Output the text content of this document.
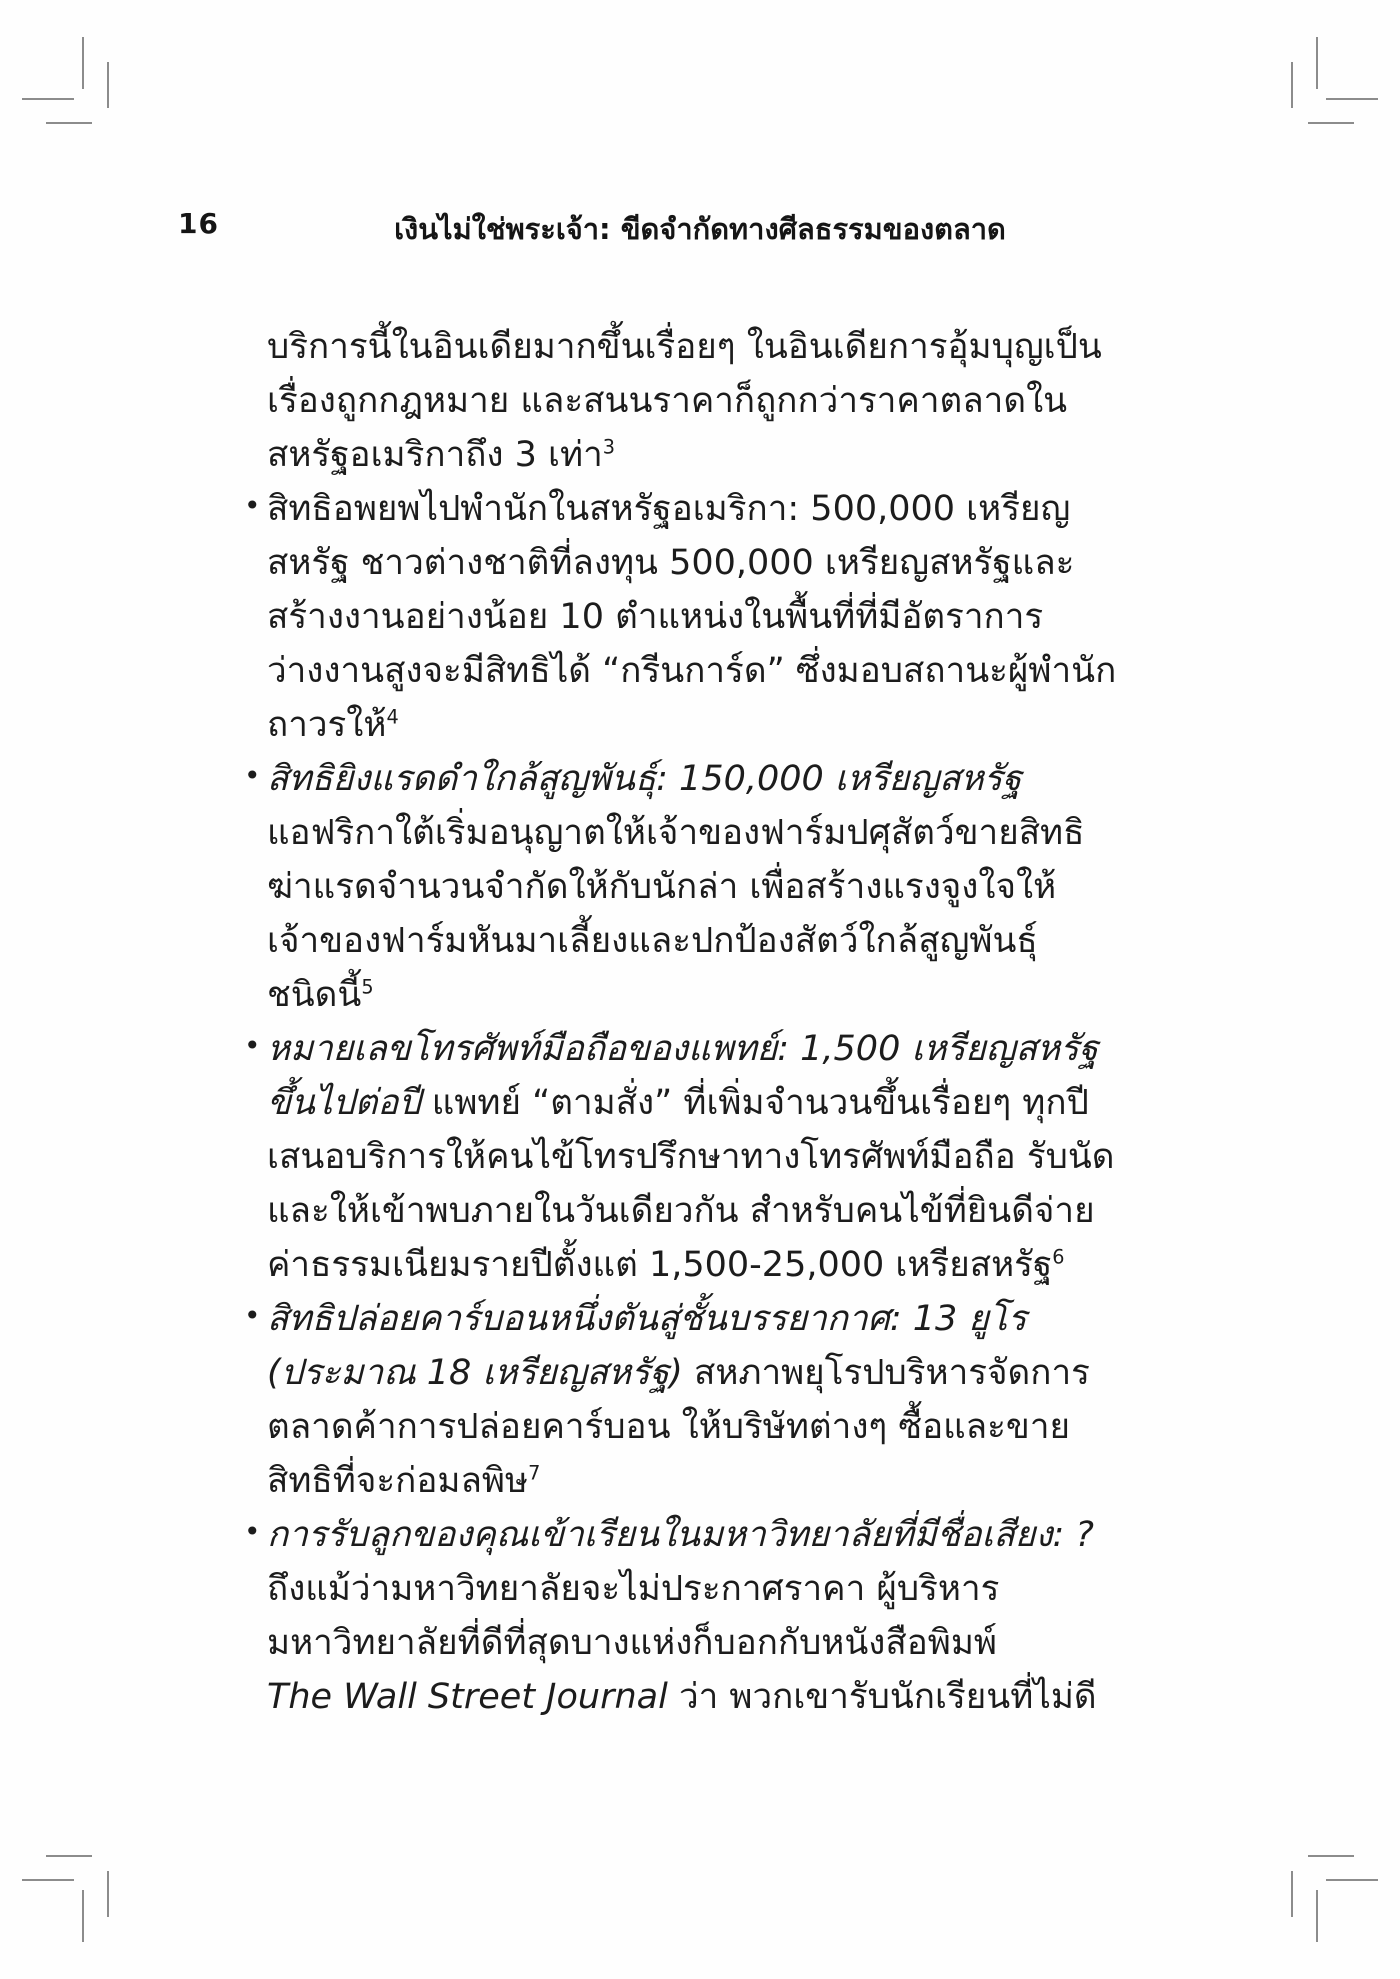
16	เงินไม่ใช่พระเจ้า: ขีดจำกัดทางศีลธรรมของตลาด
บริการนี้ในอินเดียมากขึ้นเรื่อยๆ ในอินเดียการอุ้มบุญเป็น
เรื่องถูกกฎหมาย และสนนราคาก็ถูกกว่าราคาตลาดใน
สหรัฐอเมริกาถึง 3 เท่า$^3$
• สิทธิอพยพไปพำนักในสหรัฐอเมริกา: 500,000 เหรียญ
สหรัฐ ชาวต่างชาติที่ลงทุน 500,000 เหรียญสหรัฐและ
สร้างงานอย่างน้อย 10 ตำแหน่งในพื้นที่ที่มีอัตราการ
ว่างงานสูงจะมีสิทธิได้ “กรีนการ์ด” ซึ่งมอบสถานะผู้พำนัก
ถาวรให้$^4$
• สิทธิยิงแรดดำใกล้สูญพันธุ์: 150,000 เหรียญสหรัฐ
แอฟริกาใต้เริ่มอนุญาตให้เจ้าของฟาร์มปศุสัตว์ขายสิทธิ
ฆ่าแรดจำนวนจำกัดให้กับนักล่า เพื่อสร้างแรงจูงใจให้
เจ้าของฟาร์มหันมาเลี้ยงและปกป้องสัตว์ใกล้สูญพันธุ์
ชนิดนี้$^5$
• หมายเลขโทรศัพท์มือถือของแพทย์: 1,500 เหรียญสหรัฐ
ขึ้นไปต่อปี แพทย์ “ตามสั่ง” ที่เพิ่มจำนวนขึ้นเรื่อยๆ ทุกปี
เสนอบริการให้คนไข้โทรปรึกษาทางโทรศัพท์มือถือ รับนัด
และให้เข้าพบภายในวันเดียวกัน สำหรับคนไข้ที่ยินดีจ่าย
ค่าธรรมเนียมรายปีตั้งแต่ 1,500-25,000 เหรียสหรัฐ$^6$
• สิทธิปล่อยคาร์บอนหนึ่งตันสู่ชั้นบรรยากาศ: 13 ยูโร
(ประมาณ 18 เหรียญสหรัฐ) สหภาพยุโรปบริหารจัดการ
ตลาดค้าการปล่อยคาร์บอน ให้บริษัทต่างๆ ซื้อและขาย
สิทธิที่จะก่อมลพิษ$^7$
• การรับลูกของคุณเข้าเรียนในมหาวิทยาลัยที่มีชื่อเสียง: ?
ถึงแม้ว่ามหาวิทยาลัยจะไม่ประกาศราคา ผู้บริหาร
มหาวิทยาลัยที่ดีที่สุดบางแห่งก็บอกกับหนังสือพิมพ์
The Wall Street Journal ว่า พวกเขารับนักเรียนที่ไม่ดี
